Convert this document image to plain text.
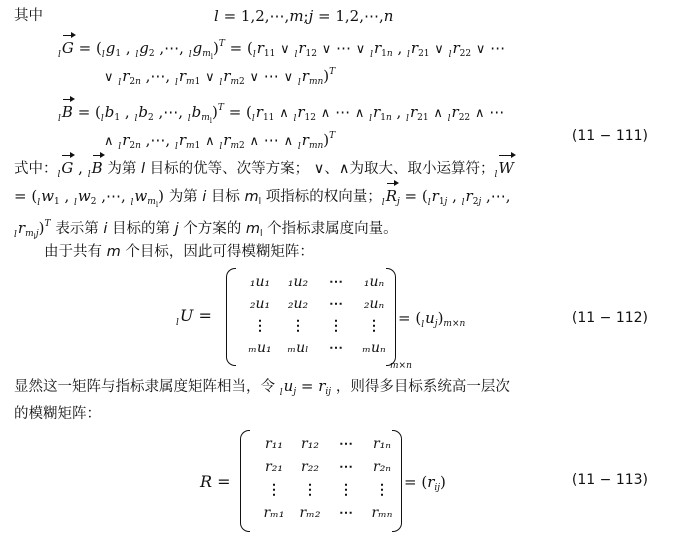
其中	l = 1,2,⋯,m;j = 1,2,⋯,n
$_lG = (_lg_1$ , $_lg_2$ ,⋯, $_lg_{m_l})^T = (_lr_{11}$ ∨ $_lr_{12}$ ∨ ⋯ ∨ $_lr_{1n}$ , $_lr_{21}$ ∨ $_lr_{22}$ ∨ ⋯
∨ $_lr_{2n}$ ,⋯, $_lr_{m1}$ ∨ $_lr_{m2}$ ∨ ⋯ ∨ $_lr_{mn})^T$
$_lB = (_lb_1$ , $_lb_2$ ,⋯, $_lb_{m_l})^T = (_lr_{11}$ ∧ $_lr_{12}$ ∧ ⋯ ∧ $_lr_{1n}$ , $_lr_{21}$ ∧ $_lr_{22}$ ∧ ⋯
∧ $_lr_{2n}$ ,⋯, $_lr_{m1}$ ∧ $_lr_{m2}$ ∧ ⋯ ∧ $_lr_{mn})^T$	(11 − 111)
式中：$_l$G , $_l$B 为第 l 目标的优等、次等方案； ∨、∧为取大、取小运算符；$_l$W
= ($_lw_1$ , $_lw_2$ ,⋯, $_lw_{m_l}$) 为第 i 目标 $m_l$ 项指标的权向量；$_lR_j = (_lr_{1j}$ , $_lr_{2j}$ ,⋯,
$_lr_{m_lj})^T$ 表示第 i 目标的第 j 个方案的 $m_l$ 个指标隶属度向量。
由于共有 m 个目标，因此可得模糊矩阵：
$_l$U =
₁u₁	₁u₂	⋯	₁uₙ
₂u₁	₂u₂	⋯	₂uₙ
⋮	⋮	⋮	⋮
ₘu₁	ₘuₗ	⋯	ₘuₙ
= $(_lu_j)_{m\times n}$
m×n
(11 − 112)
显然这一矩阵与指标隶属度矩阵相当，令 $_lu_j = r_{ij}$ ，则得多目标系统高一层次
的模糊矩阵：
R =
r₁₁	r₁₂	⋯	r₁ₙ
r₂₁	r₂₂	⋯	r₂ₙ
⋮	⋮	⋮	⋮
rₘ₁	rₘ₂	⋯	rₘₙ
= $(r_{ij})$	(11 − 113)
